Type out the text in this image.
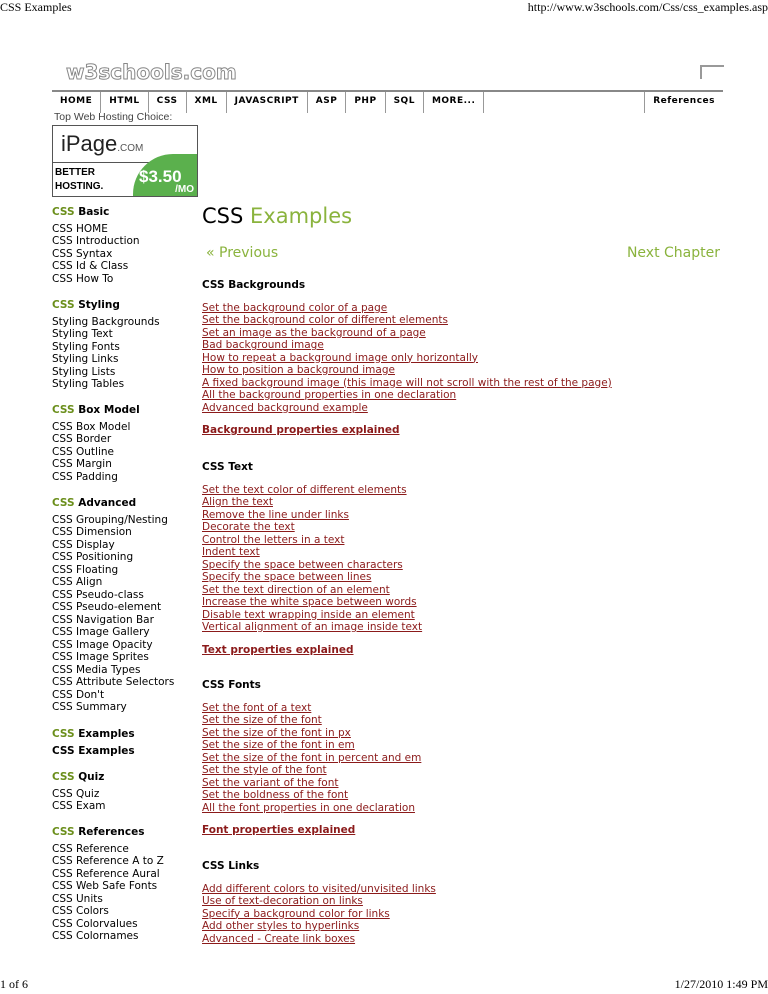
CSS Examples	http://www.w3schools.com/Css/css_examples.asp
1 of 6	1/27/2010 1:49 PM
w3schools.com
HOME	HTML	CSS	XML	JAVASCRIPT	ASP	PHP	SQL	MORE...	References
Top Web Hosting Choice:
iPage.COM
BETTER
HOSTING.
$3.50
/MO
CSS Basic
CSS HOME
CSS Introduction
CSS Syntax
CSS Id & Class
CSS How To
CSS Styling
Styling Backgrounds
Styling Text
Styling Fonts
Styling Links
Styling Lists
Styling Tables
CSS Box Model
CSS Box Model
CSS Border
CSS Outline
CSS Margin
CSS Padding
CSS Advanced
CSS Grouping/Nesting
CSS Dimension
CSS Display
CSS Positioning
CSS Floating
CSS Align
CSS Pseudo-class
CSS Pseudo-element
CSS Navigation Bar
CSS Image Gallery
CSS Image Opacity
CSS Image Sprites
CSS Media Types
CSS Attribute Selectors
CSS Don't
CSS Summary
CSS Examples
CSS Examples
CSS Quiz
CSS Quiz
CSS Exam
CSS References
CSS Reference
CSS Reference A to Z
CSS Reference Aural
CSS Web Safe Fonts
CSS Units
CSS Colors
CSS Colorvalues
CSS Colornames
CSS Examples
« Previous	Next Chapter
CSS Backgrounds
Set the background color of a page
Set the background color of different elements
Set an image as the background of a page
Bad background image
How to repeat a background image only horizontally
How to position a background image
A fixed background image (this image will not scroll with the rest of the page)
All the background properties in one declaration
Advanced background example
Background properties explained
CSS Text
Set the text color of different elements
Align the text
Remove the line under links
Decorate the text
Control the letters in a text
Indent text
Specify the space between characters
Specify the space between lines
Set the text direction of an element
Increase the white space between words
Disable text wrapping inside an element
Vertical alignment of an image inside text
Text properties explained
CSS Fonts
Set the font of a text
Set the size of the font
Set the size of the font in px
Set the size of the font in em
Set the size of the font in percent and em
Set the style of the font
Set the variant of the font
Set the boldness of the font
All the font properties in one declaration
Font properties explained
CSS Links
Add different colors to visited/unvisited links
Use of text-decoration on links
Specify a background color for links
Add other styles to hyperlinks
Advanced - Create link boxes
